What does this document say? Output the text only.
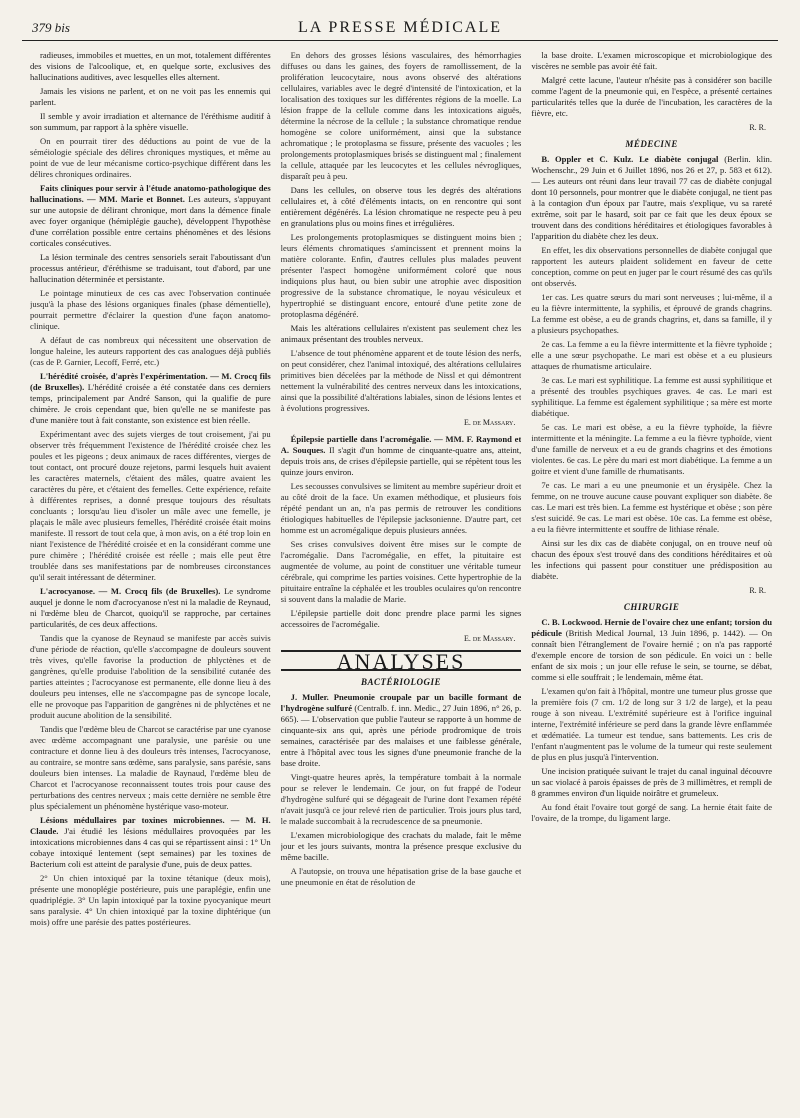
379 bis	LA PRESSE MÉDICALE

radieuses, immobiles et muettes, en un mot, totalement différentes des visions de l'alcoolique, et, en quelque sorte, exclusives des hallucinations auditives, avec lesquelles elles alternent.

Jamais les visions ne parlent, et on ne voit pas les ennemis qui parlent.

Il semble y avoir irradiation et alternance de l'éréthisme auditif à son summum, par rapport à la sphère visuelle.

On en pourrait tirer des déductions au point de vue de la séméiologie spéciale des délires chroniques mystiques, et même au point de vue de leur mécanisme cortico-psychique différent dans les délires chroniques ordinaires.

Faits cliniques pour servir à l'étude anatomo-pathologique des hallucinations. — MM. Marie et Bonnet. Les auteurs, s'appuyant sur une autopsie de délirant chronique, mort dans la démence finale avec foyer organique (hémiplégie gauche), développent l'hypothèse d'une corrélation possible entre certains phénomènes et des lésions corticales consécutives.

La lésion terminale des centres sensoriels serait l'aboutissant d'un processus antérieur, d'éréthisme se traduisant, tout d'abord, par une hallucination déterminée et persistante.

Le pointage minutieux de ces cas avec l'observation continuée jusqu'à la phase des lésions organiques finales (phase démentielle), pourrait permettre d'éclairer la question d'une façon anatomo-clinique.

A défaut de cas nombreux qui nécessitent une observation de longue haleine, les auteurs rapportent des cas analogues déjà publiés (cas de P. Garnier, Lecoff, Ferré, etc.)

L'hérédité croisée, d'après l'expérimentation. — M. Crocq fils (de Bruxelles). L'hérédité croisée a été constatée dans ces derniers temps, principalement par André Sanson, qui la qualifie de pure chimère. Je crois cependant que, bien qu'elle ne se manifeste pas d'une manière tout à fait constante, son existence est bien réelle.

Expérimentant avec des sujets vierges de tout croisement, j'ai pu observer très fréquemment l'existence de l'hérédité croisée chez les poules et les pigeons ; deux animaux de races différentes, vierges de tout contact, ont procuré douze rejetons, parmi lesquels huit avaient les caractères maternels, c'étaient des mâles, quatre avaient les caractères du père, et c'étaient des femelles. Cette expérience, refaite à différentes reprises, a donné presque toujours des résultats concluants ; lorsqu'au lieu d'isoler un mâle avec une femelle, je plaçais le mâle avec plusieurs femelles, l'hérédité croisée était moins manifeste. Il ressort de tout cela que, à mon avis, on a été trop loin en niant l'existence de l'hérédité croisée et en la considérant comme une pure chimère ; l'hérédité croisée est réelle ; mais elle peut être troublée dans ses manifestations par de nombreuses circonstances qu'il serait intéressant de déterminer.

L'acrocyanose. — M. Crocq fils (de Bruxelles). Le syndrome auquel je donne le nom d'acrocyanose n'est ni la maladie de Reynaud, ni l'œdème bleu de Charcot, quoiqu'il se rapproche, par certaines particularités, de ces deux affections.

Tandis que la cyanose de Reynaud se manifeste par accès suivis d'une période de réaction, qu'elle s'accompagne de douleurs souvent très vives, qu'elle favorise la production de phlyctènes et de gangrènes, qu'elle produise l'abolition de la sensibilité cutanée des parties atteintes ; l'acrocyanose est permanente, elle donne lieu à des douleurs peu intenses, elle ne s'accompagne pas de syncope locale, elle ne provoque pas l'apparition de gangrènes ni de phlyctènes et ne produit aucune abolition de la sensibilité.

Tandis que l'œdème bleu de Charcot se caractérise par une cyanose avec œdème accompagnant une paralysie, une parésie ou une contracture et donne lieu à des douleurs très intenses, l'acrocyanose, au contraire, se montre sans œdème, sans paralysie, sans parésie, sans douleurs bien intenses. La maladie de Raynaud, l'œdème bleu de Charcot et l'acrocyanose reconnaissent toutes trois pour cause des perturbations des centres nerveux ; mais cette dernière ne semble être plus spécialement un phénomène hystérique vaso-moteur.

Lésions médullaires par toxines microbiennes. — M. H. Claude. J'ai étudié les lésions médullaires provoquées par les intoxications microbiennes dans 4 cas qui se répartissent ainsi : 1° Un cobaye intoxiqué lentement (sept semaines) par les toxines de Bacterium coli est atteint de paralysie d'une, puis de deux pattes.

2° Un chien intoxiqué par la toxine tétanique (deux mois), présente une monoplégie postérieure, puis une paraplégie, enfin une quadriplégie. 3° Un lapin intoxiqué par la toxine pyocyanique meurt sans paralysie. 4° Un chien intoxiqué par la toxine diphtérique (un mois) offre une parésie des pattes postérieures.

En dehors des grosses lésions vasculaires, des hémorrhagies diffuses ou dans les gaines, des foyers de ramollissement, de la prolifération leucocytaire, nous avons observé des altérations cellulaires, variables avec le degré d'intensité de l'intoxication, et la localisation des toxiques sur les différentes régions de la moelle. La lésion frappe de la cellule comme dans les intoxications aiguës, détermine la nécrose de la cellule ; la substance chromatique rendue homogène se colore uniformément, ainsi que la substance achromatique ; le protoplasma se fissure, présente des vacuoles ; les prolongements protoplasmiques brisés se distinguent mal ; finalement la cellule, attaquée par les leucocytes et les cellules névrogliques, disparaît peu à peu.

Dans les cellules, on observe tous les degrés des altérations cellulaires et, à côté d'éléments intacts, on en rencontre qui sont entièrement dégénérés. La lésion chromatique ne respecte peu à peu en granulations plus ou moins fines et irrégulières.

Les prolongements protoplasmiques se distinguent moins bien ; leurs éléments chromatiques s'amincissent et prennent moins la matière colorante. Enfin, d'autres cellules plus malades peuvent présenter l'aspect homogène uniformément coloré que nous indiquions plus haut, ou bien subir une atrophie avec disposition progressive de la substance chromatique, le noyau vésiculeux et hypertrophié se distinguant encore, entouré d'une petite zone de protoplasma dégénéré.

Mais les altérations cellulaires n'existent pas seulement chez les animaux présentant des troubles nerveux.

L'absence de tout phénomène apparent et de toute lésion des nerfs, on peut considérer, chez l'animal intoxiqué, des altérations cellulaires primitives bien décelées par la méthode de Nissl et qui démontrent nettement la vulnérabilité des centres nerveux dans les intoxications, ainsi que la possibilité d'altérations labiales, sinon de lésions lentes et à évolutions progressives.

E. de Massary.

Épilepsie partielle dans l'acromégalie. — MM. F. Raymond et A. Souques. Il s'agit d'un homme de cinquante-quatre ans, atteint, depuis trois ans, de crises d'épilepsie partielle, qui se répètent tous les quinze jours environ.

Les secousses convulsives se limitent au membre supérieur droit et au côté droit de la face. Un examen méthodique, et plusieurs fois répété pendant un an, n'a pas permis de retrouver les conditions étiologiques habituelles de l'épilepsie jacksonienne. D'autre part, cet homme est un acromégalique depuis plusieurs années.

Ses crises convulsives doivent être mises sur le compte de l'acromégalie. Dans l'acromégalie, en effet, la pituitaire est augmentée de volume, au point de constituer une véritable tumeur cérébrale, qui comprime les parties voisines. Cette hypertrophie de la pituitaire entraîne la céphalée et les troubles oculaires qu'on rencontre si souvent dans la maladie de Marie.

L'épilepsie partielle doit donc prendre place parmi les signes accessoires de l'acromégalie.

E. de Massary.

ANALYSES
BACTÉRIOLOGIE

J. Muller. Pneumonie croupale par un bacille formant de l'hydrogène sulfuré (Centralb. f. inn. Medic., 27 Juin 1896, n° 26, p. 665). — L'observation que publie l'auteur se rapporte à un homme de cinquante-six ans qui, après une période prodromique de trois semaines, caractérisée par des malaises et une faiblesse générale, entre à l'hôpital avec tous les signes d'une pneumonie franche de la base droite.

Vingt-quatre heures après, la température tombait à la normale pour se relever le lendemain. Ce jour, on fut frappé de l'odeur d'hydrogène sulfuré qui se dégageait de l'urine dont l'examen répété n'avait jusqu'à ce jour relevé rien de particulier. Trois jours plus tard, le malade succombait à la recrudescence de sa pneumonie.

L'examen microbiologique des crachats du malade, fait le même jour et les jours suivants, montra la présence presque exclusive du même bacille.

A l'autopsie, on trouva une hépatisation grise de la base gauche et une pneumonie en état de résolution de

la base droite. L'examen microscopique et microbiologique des viscères ne semble pas avoir été fait.

Malgré cette lacune, l'auteur n'hésite pas à considérer son bacille comme l'agent de la pneumonie qui, en l'espèce, a présenté certaines particularités telles que la durée de l'incubation, les caractères de la fièvre, etc.

R. R.

MÉDECINE

B. Oppler et C. Kulz. Le diabète conjugal (Berlin. klin. Wochenschr., 29 Juin et 6 Juillet 1896, nos 26 et 27, p. 583 et 612). — Les auteurs ont réuni dans leur travail 77 cas de diabète conjugal dont 10 personnels, pour montrer que le diabète conjugal, ne tient pas à la contagion d'un époux par l'autre, mais s'explique, vu sa rareté extrême, soit par le hasard, soit par ce fait que les deux époux se trouvent dans des conditions héréditaires et étiologiques favorables à l'apparition du diabète chez les deux.

En effet, les dix observations personnelles de diabète conjugal que rapportent les auteurs plaident solidement en faveur de cette conception, comme on peut en juger par le court résumé des cas qu'ils ont observés.

1er cas. Les quatre sœurs du mari sont nerveuses ; lui-même, il a eu la fièvre intermittente, la syphilis, et éprouvé de grands chagrins. La femme est obèse, a eu de grands chagrins, et, dans sa famille, il y a plusieurs psychopathes.

2e cas. La femme a eu la fièvre intermittente et la fièvre typhoïde ; elle a une sœur psychopathe. Le mari est obèse et a eu plusieurs attaques de rhumatisme articulaire.

3e cas. Le mari est syphilitique. La femme est aussi syphilitique et a présenté des troubles psychiques graves. 4e cas. Le mari est syphilitique. La femme est également syphilitique ; sa mère est morte diabétique.

5e cas. Le mari est obèse, a eu la fièvre typhoïde, la fièvre intermittente et la méningite. La femme a eu la fièvre typhoïde, vient d'une famille de nerveux et a eu de grands chagrins et des émotions violentes. 6e cas. Le père du mari est mort diabétique. La femme a un goitre et vient d'une famille de rhumatisants.

7e cas. Le mari a eu une pneumonie et un érysipèle. Chez la femme, on ne trouve aucune cause pouvant expliquer son diabète. 8e cas. Le mari est très bien. La femme est hystérique et obèse ; son père s'est suicidé. 9e cas. Le mari est obèse. 10e cas. La femme est obèse, a eu la fièvre intermittente et souffre de lithiase rénale.

Ainsi sur les dix cas de diabète conjugal, on en trouve neuf où chacun des époux s'est trouvé dans des conditions héréditaires et où les infections qui passent pour constituer une prédisposition au diabète.

R. R.

CHIRURGIE

C. B. Lockwood. Hernie de l'ovaire chez une enfant; torsion du pédicule (British Medical Journal, 13 Juin 1896, p. 1442). — On connaît bien l'étranglement de l'ovaire hernié ; on n'a pas rapporté d'exemple encore de torsion de son pédicule. En voici un : belle enfant de six mois ; un jour elle refuse le sein, se tourne, se débat, comme si elle souffrait ; le lendemain, même état.

L'examen qu'on fait à l'hôpital, montre une tumeur plus grosse que la première fois (7 cm. 1/2 de long sur 3 1/2 de large), et la peau rouge à son niveau. L'extrémité supérieure est à l'orifice inguinal interne, l'extrémité inférieure se perd dans la grande lèvre enflammée et œdématiée. La tumeur est tendue, sans battements. Les cris de l'enfant n'augmentent pas le volume de la tumeur qui reste seulement de plus en plus jusqu'à l'intervention.

Une incision pratiquée suivant le trajet du canal inguinal découvre un sac violacé à parois épaisses de près de 3 millimètres, et rempli de 8 grammes environ d'un liquide noirâtre et grumeleux.

Au fond était l'ovaire tout gorgé de sang. La hernie était faite de l'ovaire, de la trompe, du ligament large.
